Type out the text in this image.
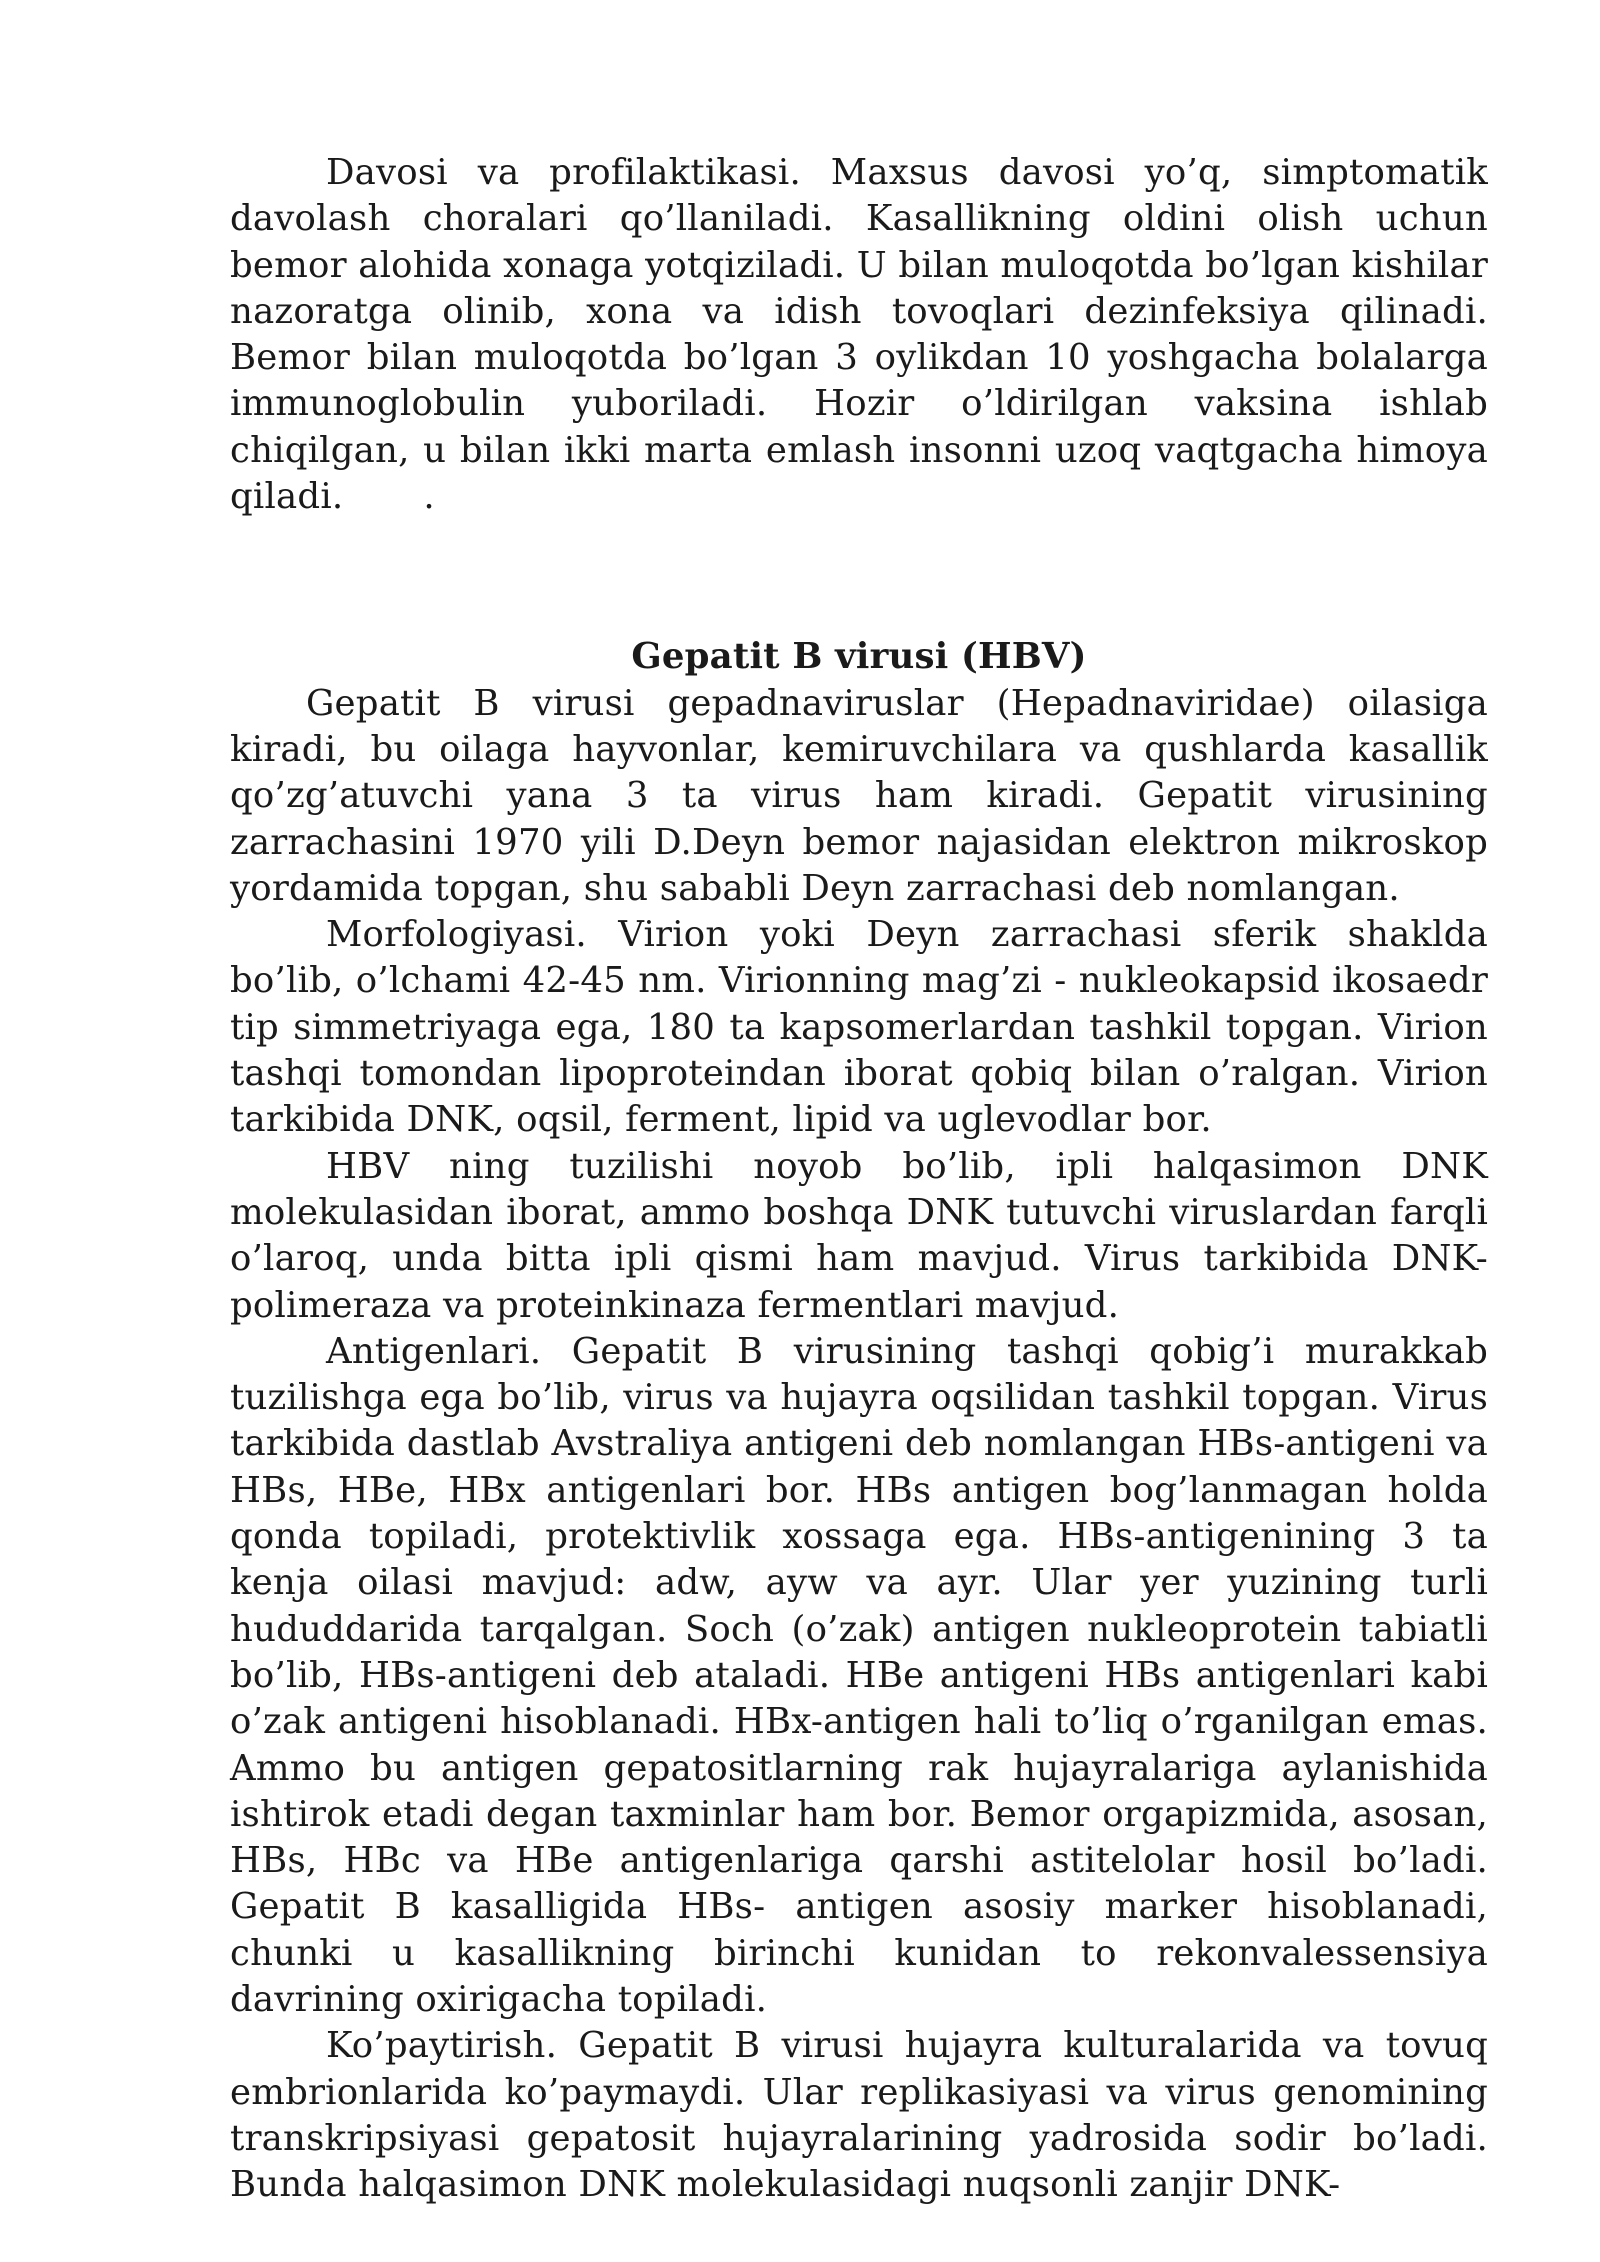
Davosi va profilaktikasi. Maxsus davosi yo’q, simptomatik davolash choralari qo’llaniladi. Kasallikning oldini olish uchun bemor alohida xonaga yotqiziladi. U bilan muloqotda bo’lgan kishilar nazoratga olinib, xona va idish tovoqlari dezinfeksiya qilinadi. Bemor bilan muloqotda bo’lgan 3 oylikdan 10 yoshgacha bolalarga immunoglobulin yuboriladi. Hozir o’ldirilgan vaksina ishlab chiqilgan, u bilan ikki marta emlash insonni uzoq vaqtgacha himoya qiladi. .

Gepatit B virusi (HBV)

Gepatit B virusi gepadnaviruslar (Hepadnaviridae) oilasiga kiradi, bu oilaga hayvonlar, kemiruvchilara va qushlarda kasallik qo’zg’atuvchi yana 3 ta virus ham kiradi. Gepatit virusining zarrachasini 1970 yili D.Deyn bemor najasidan elektron mikroskop yordamida topgan, shu sababli Deyn zarrachasi deb nomlangan.

Morfologiyasi. Virion yoki Deyn zarrachasi sferik shaklda bo’lib, o’lchami 42-45 nm. Virionning mag’zi - nukleokapsid ikosaedr tip simmetriyaga ega, 180 ta kapsomerlardan tashkil topgan. Virion tashqi tomondan lipoproteindan iborat qobiq bilan o’ralgan. Virion tarkibida DNK, oqsil, ferment, lipid va uglevodlar bor.

HBV ning tuzilishi noyob bo’lib, ipli halqasimon DNK molekulasidan iborat, ammo boshqa DNK tutuvchi viruslardan farqli o’laroq, unda bitta ipli qismi ham mavjud. Virus tarkibida DNK-polimeraza va proteinkinaza fermentlari mavjud.

Antigenlari. Gepatit B virusining tashqi qobig’i murakkab tuzilishga ega bo’lib, virus va hujayra oqsilidan tashkil topgan. Virus tarkibida dastlab Avstraliya antigeni deb nomlangan HBs-antigeni va HBs, HBe, HBx antigenlari bor. HBs antigen bog’lanmagan holda qonda topiladi, protektivlik xossaga ega. HBs-antigenining 3 ta kenja oilasi mavjud: adw, ayw va ayr. Ular yer yuzining turli hududdarida tarqalgan. Soch (o’zak) antigen nukleoprotein tabiatli bo’lib, HBs-antigeni deb ataladi. HBe antigeni HBs antigenlari kabi o’zak antigeni hisoblanadi. HBx-antigen hali to’liq o’rganilgan emas. Ammo bu antigen gepatositlarning rak hujayralariga aylanishida ishtirok etadi degan taxminlar ham bor. Bemor orgapizmida, asosan, HBs, HBc va HBe antigenlariga qarshi astitelolar hosil bo’ladi. Gepatit B kasalligida HBs- antigen asosiy marker hisoblanadi, chunki u kasallikning birinchi kunidan to rekonvalessensiya davrining oxirigacha topiladi.

Ko’paytirish. Gepatit B virusi hujayra kulturalarida va tovuq embrionlarida ko’paymaydi. Ular replikasiyasi va virus genomining transkripsiyasi gepatosit hujayralarining yadrosida sodir bo’ladi. Bunda halqasimon DNK molekulasidagi nuqsonli zanjir DNK-
